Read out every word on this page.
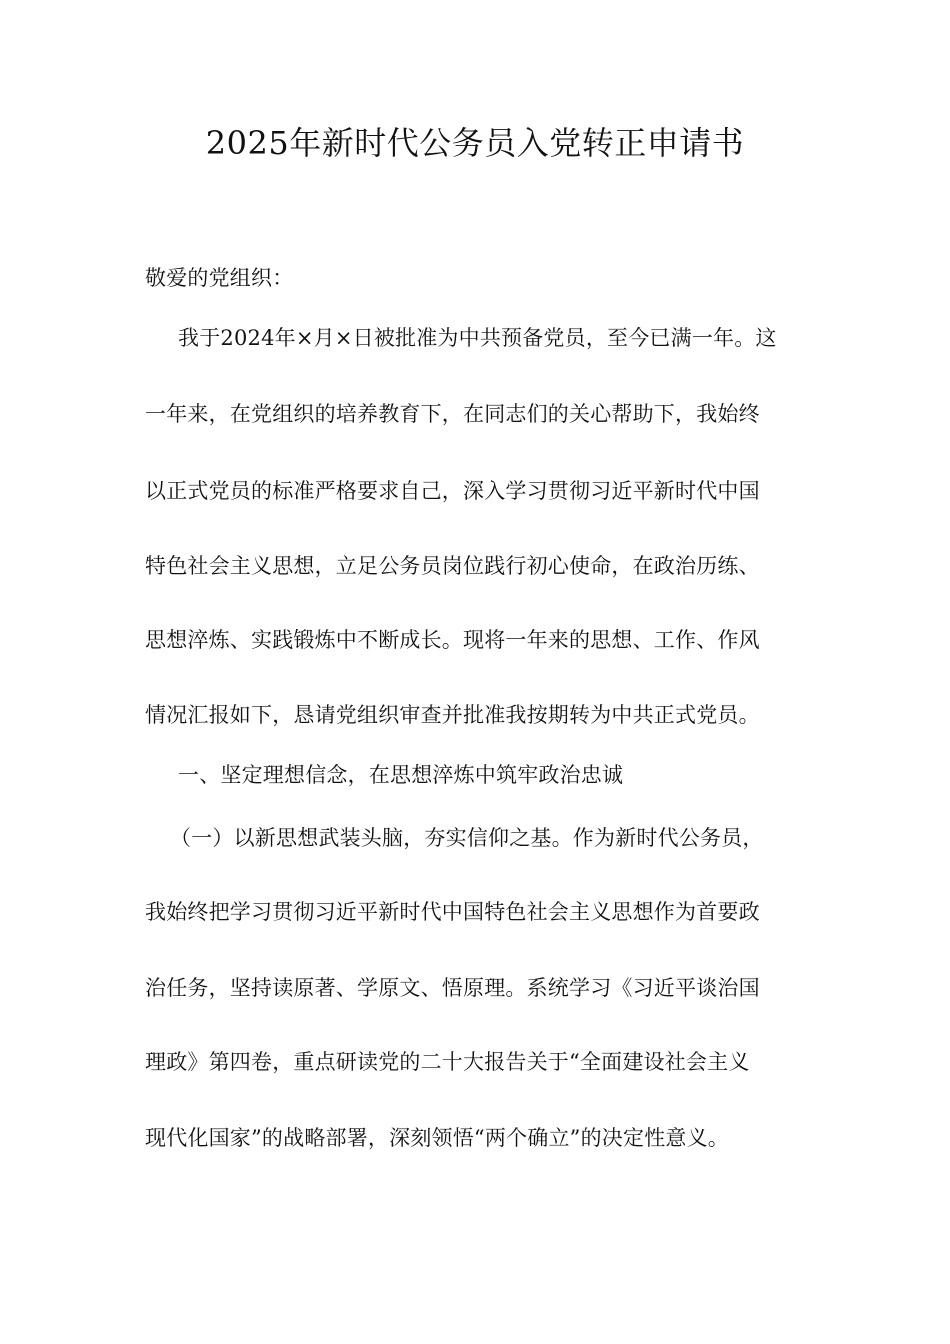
2025年新时代公务员入党转正申请书
敬爱的党组织：
我于2024年×月×日被批准为中共预备党员，至今已满一年。这
一年来，在党组织的培养教育下，在同志们的关心帮助下，我始终
以正式党员的标准严格要求自己，深入学习贯彻习近平新时代中国
特色社会主义思想，立足公务员岗位践行初心使命，在政治历练、
思想淬炼、实践锻炼中不断成长。现将一年来的思想、工作、作风
情况汇报如下，恳请党组织审查并批准我按期转为中共正式党员。
一、坚定理想信念，在思想淬炼中筑牢政治忠诚
（一）以新思想武装头脑，夯实信仰之基。作为新时代公务员，
我始终把学习贯彻习近平新时代中国特色社会主义思想作为首要政
治任务，坚持读原著、学原文、悟原理。系统学习《习近平谈治国
理政》第四卷，重点研读党的二十大报告关于“全面建设社会主义
现代化国家”的战略部署，深刻领悟“两个确立”的决定性意义。
